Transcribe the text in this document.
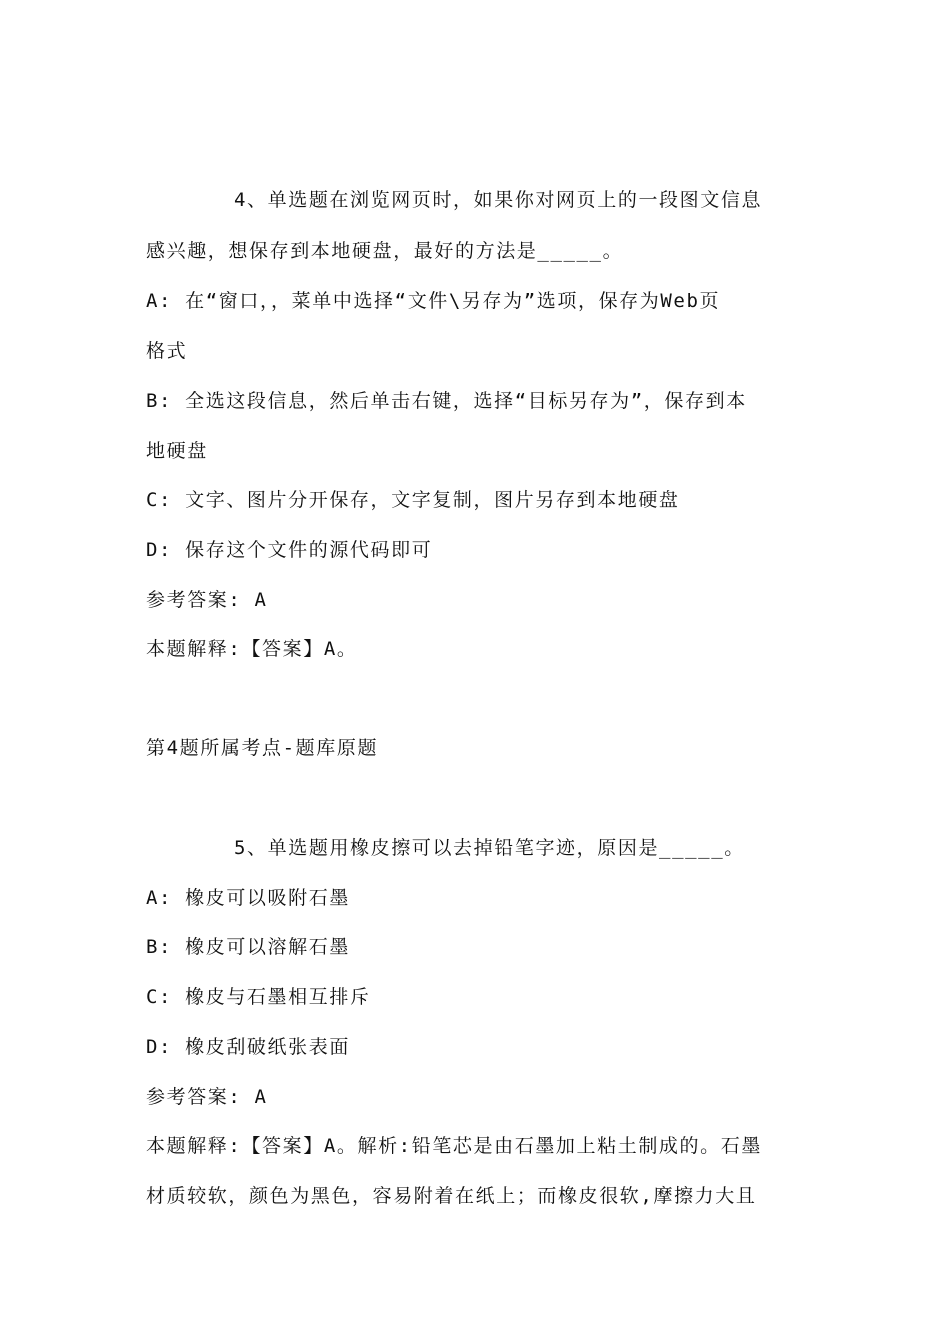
4、单选题在浏览网页时，如果你对网页上的一段图文信息
感兴趣，想保存到本地硬盘，最好的方法是_____。
A: 在“窗口，，菜单中选择“文件\另存为”选项，保存为Web页
格式
B: 全选这段信息，然后单击右键，选择“目标另存为”，保存到本
地硬盘
C: 文字、图片分开保存，文字复制，图片另存到本地硬盘
D: 保存这个文件的源代码即可
参考答案: A
本题解释:【答案】A。
第4题所属考点-题库原题
5、单选题用橡皮擦可以去掉铅笔字迹，原因是_____。
A: 橡皮可以吸附石墨
B: 橡皮可以溶解石墨
C: 橡皮与石墨相互排斥
D: 橡皮刮破纸张表面
参考答案: A
本题解释:【答案】A。解析:铅笔芯是由石墨加上粘土制成的。石墨
材质较软，颜色为黑色，容易附着在纸上；而橡皮很软,摩擦力大且
